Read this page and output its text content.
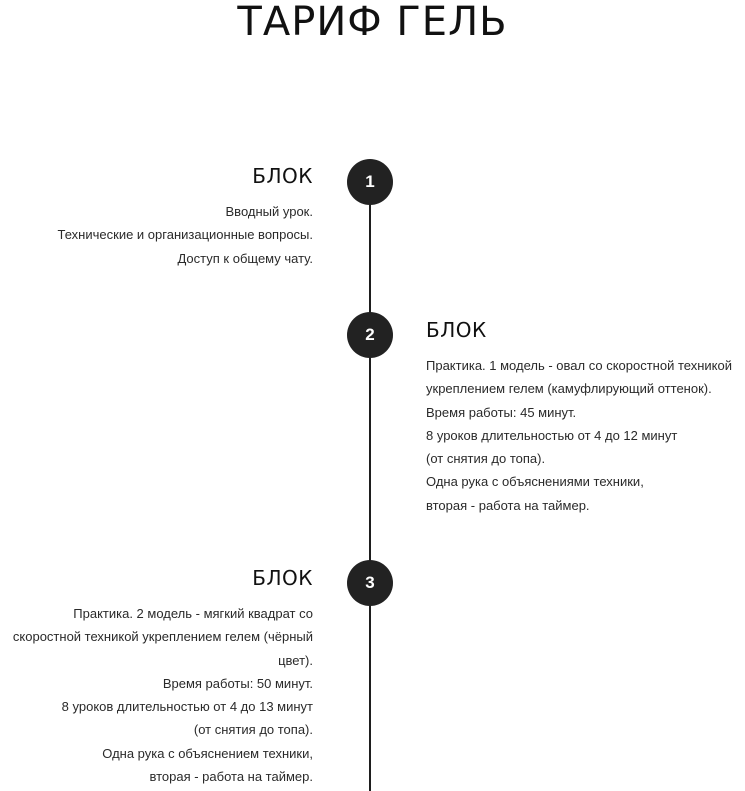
ТАРИФ ГЕЛЬ
1
БЛОК
Вводный урок.
Технические и организационные вопросы.
Доступ к общему чату.
2	БЛОК
Практика. 1 модель - овал со скоростной техникой
укреплением гелем (камуфлирующий оттенок).
Время работы: 45 минут.
8 уроков длительностью от 4 до 12 минут
(от снятия до топа).
Одна рука с объяснениями техники,
вторая - работа на таймер.
3
БЛОК
Практика. 2 модель - мягкий квадрат со
скоростной техникой укреплением гелем (чёрный
цвет).
Время работы: 50 минут.
8 уроков длительностью от 4 до 13 минут
(от снятия до топа).
Одна рука с объяснением техники,
вторая - работа на таймер.
